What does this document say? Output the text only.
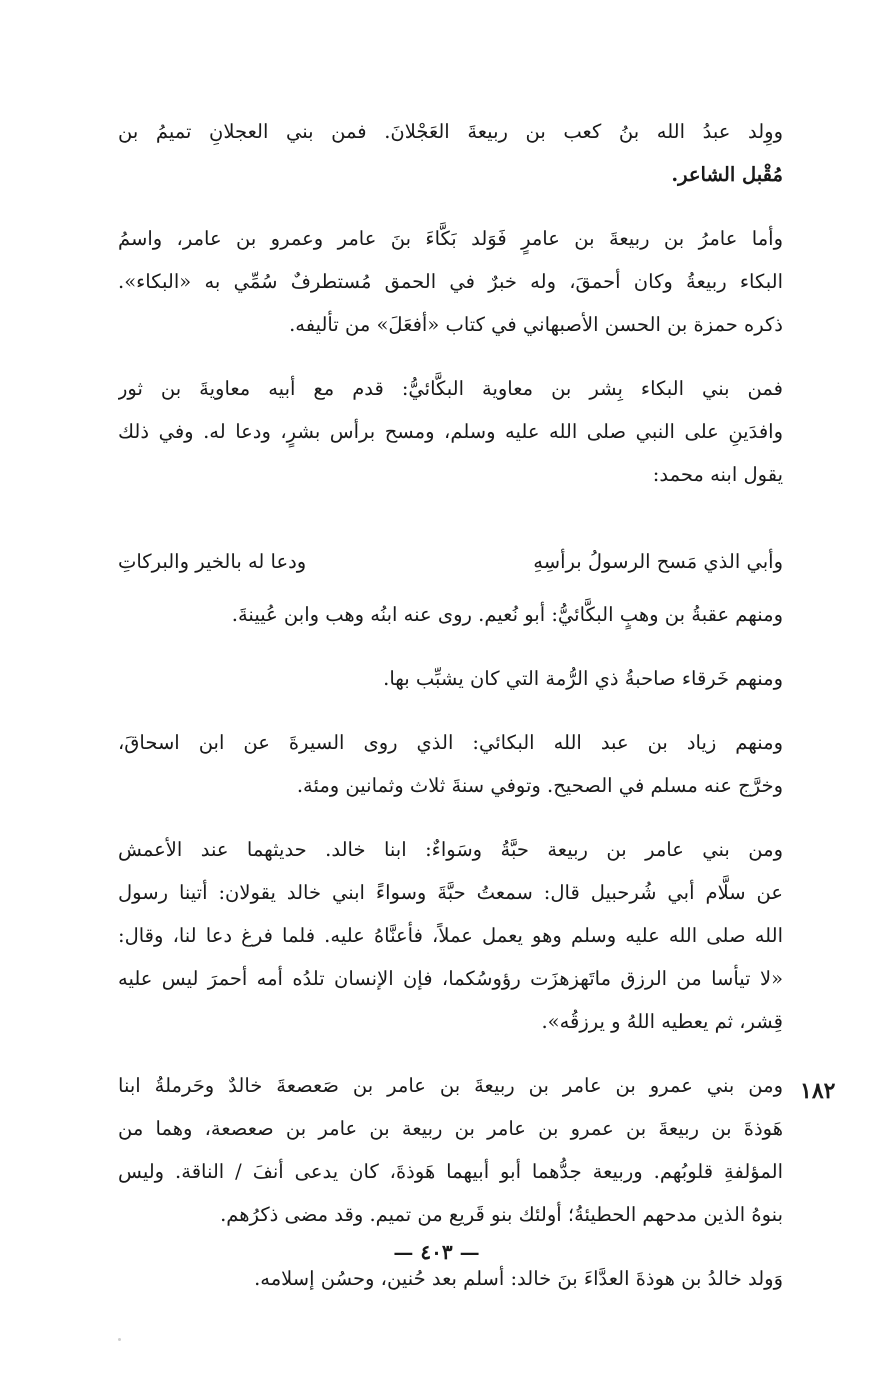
ووِلد عبدُ الله بنُ كعب بن ربيعةَ العَجْلانَ. فمن بني العجلانِ تميمُ بن
مُقْبل الشاعر.

وأما عامرُ بن ربيعةَ بن عامرٍ فَوَلد بَكَّاءَ بنَ عامر وعمرو بن عامر، واسمُ
البكاء ربيعةُ وكان أحمقَ، وله خبرٌ في الحمق مُستطرفٌ سُمِّي به «البكاء».
ذكره حمزة بن الحسن الأصبهاني في كتاب «أفعَلَ» من تأليفه.

فمن بني البكاء بِشر بن معاوية البكَّائيُّ: قدم مع أبيه معاويةَ بن ثور
وافدَينِ على النبي صلى الله عليه وسلم، ومسح برأس بشرٍ، ودعا له. وفي ذلك
يقول ابنه محمد:

وأبي الذي مَسح الرسولُ برأسِهِ
ودعا له بالخير والبركاتِ

ومنهم عقبةُ بن وهبٍ البكَّائيُّ: أبو نُعيم. روى عنه ابنُه وهب وابن عُيينةَ.

ومنهم خَرقاء صاحبةُ ذي الرُّمة التي كان يشبِّب بها.

ومنهم زياد بن عبد الله البكائي: الذي روى السيرةَ عن ابن اسحاقَ،
وخرَّج عنه مسلم في الصحيح. وتوفي سنةَ ثلاث وثمانين ومئة.

ومن بني عامر بن ربيعة حبَّةُ وسَواءٌ: ابنا خالد. حديثهما عند الأعمش
عن سلَّام أبي شُرحبيل قال: سمعتُ حبَّةَ وسواءً ابني خالد يقولان: أتينا رسول
الله صلى الله عليه وسلم وهو يعمل عملاً، فأعنَّاهُ عليه. فلما فرغ دعا لنا، وقال:
«لا تيأسا من الرزق ماتَهزهزَت رؤوسُكما، فإن الإنسان تلدُه أمه أحمرَ ليس عليه
قِشر، ثم يعطيه اللهُ و يرزقُه».

ومن بني عمرو بن عامر بن ربيعةَ بن عامر بن صَعصعةَ خالدٌ وحَرملةُ ابنا
هَوذةَ بن ربيعةَ بن عمرو بن عامر بن ربيعة بن عامر بن صعصعة، وهما من
المؤلفةِ قلوبُهم. وربيعة جدُّهما أبو أبيهما هَوذةَ، كان يدعى أنفَ / الناقة. وليس
بنوهُ الذين مدحهم الحطيئةُ؛ أولئك بنو قَريع من تميم. وقد مضى ذكرُهم.

وَولد خالدُ بن هوذةَ العدَّاءَ بنَ خالد: أسلم بعد حُنين، وحسُن إسلامه.

١٨٢
— ٤٠٣ —
